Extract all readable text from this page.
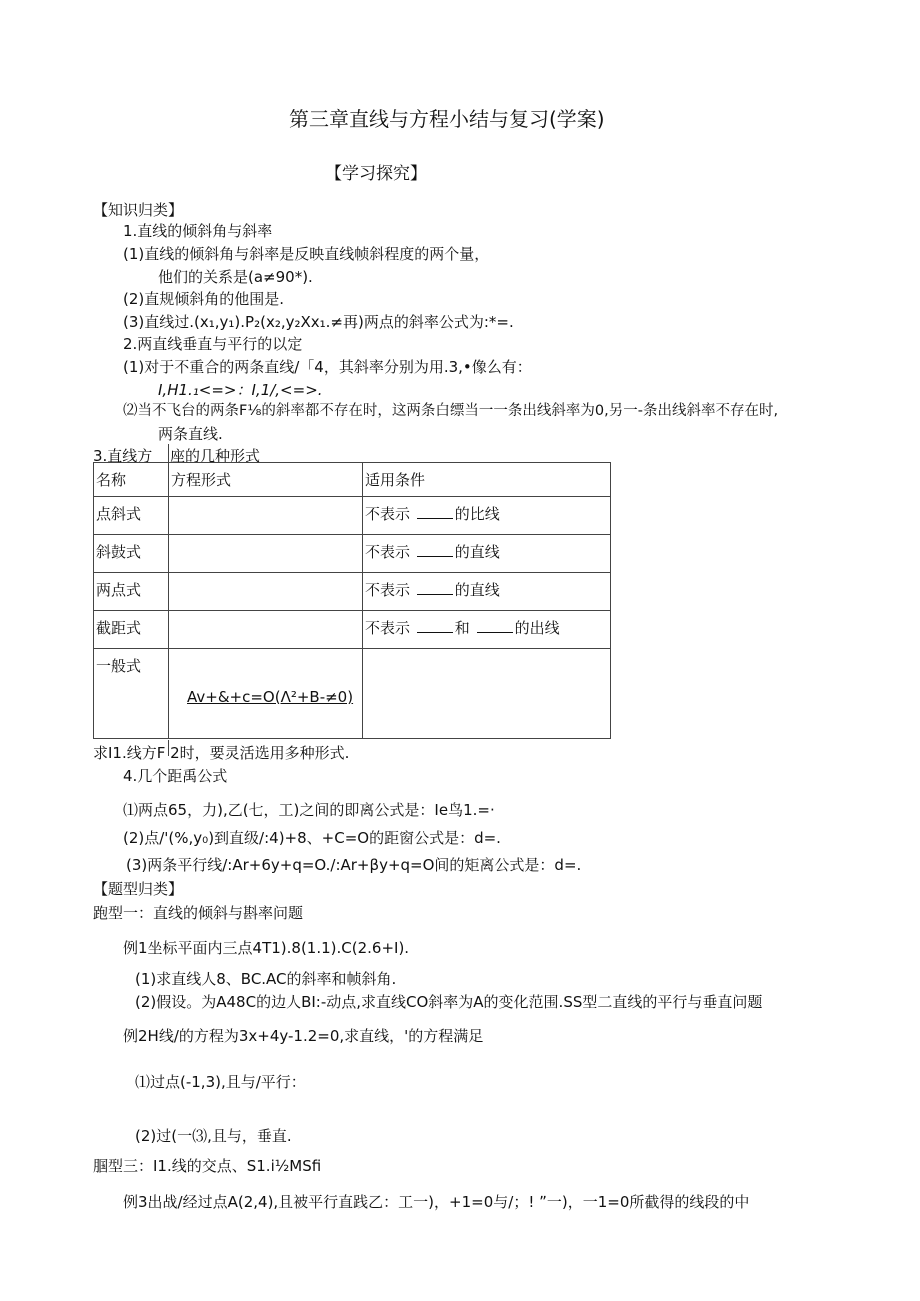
第三章直线与方程小结与复习(学案)
【学习探究】
【知识归类】
1.直线的倾斜角与斜率
(1)直线的倾斜角与斜率是反映直线帧斜程度的两个量，
他们的关系是(a≠90*).
(2)直规倾斜角的他围是.
(3)直线过.(x₁,y₁).P₂(x₂,y₂Xx₁.≠再)两点的斜率公式为:*=.
2.两直线垂直与平行的以定
(1)对于不重合的两条直线/「4，其斜率分别为用.3,•像么有：
I,H1.₁<=>：I,1/,<=>.
⑵当不飞台的两条F⅛的斜率都不存在时，这两条白缥当一一条出线斜率为0,另一-条出线斜率不存在时,
两条直线.
3.直线方 座的几种形式
名称	方程形式	适用条件
点斜式		不表示 的比线
斜鼓式		不表示 的直线
两点式		不表示 的直线
截距式		不表示 和 的出线
一般式	Av+&+c=O(Λ²+B-≠0)	
求I1.线方F 2时，要灵活选用多种形式.
4.几个距禹公式
⑴两点65，力),乙(七，工)之间的即离公式是：Ie鸟1.=·
(2)点/'(%,y₀)到直级/:4)+8、+C=O的距窗公式是：d=.
(3)两条平行线/:Ar+6y+q=O./:Ar+βy+q=O间的矩离公式是：d=.
【题型归类】
跑型一：直线的倾斜与斟率问题
例1坐标平面内三点4T1).8(1.1).C(2.6+I).
(1)求直线人8、BC.AC的斜率和帧斜角.
(2)假设。为A48C的边人BI:-动点,求直线CO斜率为A的变化范围.SS型二直线的平行与垂直问题
例2H线/的方程为3x+4y-1.2=0,求直线，'的方程满足
⑴过点(-1,3),且与/平行：
(2)过(一⑶,且与，垂直.
腘型三：I1.线的交点、S1.i½MSfi
例3出战/经过点A(2,4),且被平行直践乙：工一)，+1=0与/；! ˮ一)，一1=0所截得的线段的中
